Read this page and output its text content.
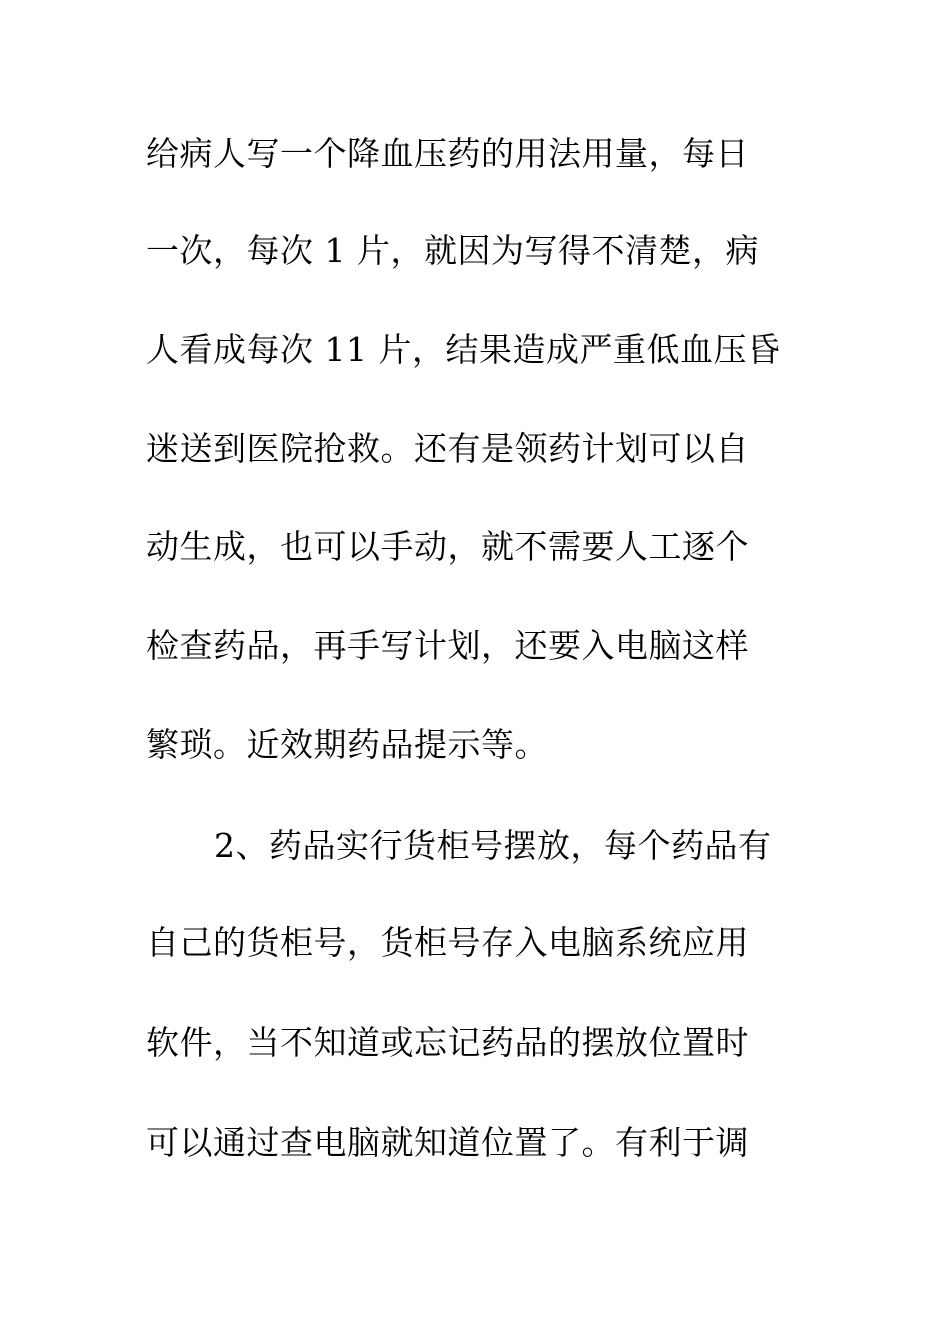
给病人写一个降血压药的用法用量，每日
一次，每次 1 片，就因为写得不清楚，病
人看成每次 11 片，结果造成严重低血压昏
迷送到医院抢救。还有是领药计划可以自
动生成，也可以手动，就不需要人工逐个
检查药品，再手写计划，还要入电脑这样
繁琐。近效期药品提示等。
2、药品实行货柜号摆放，每个药品有
自己的货柜号，货柜号存入电脑系统应用
软件，当不知道或忘记药品的摆放位置时
可以通过查电脑就知道位置了。有利于调
